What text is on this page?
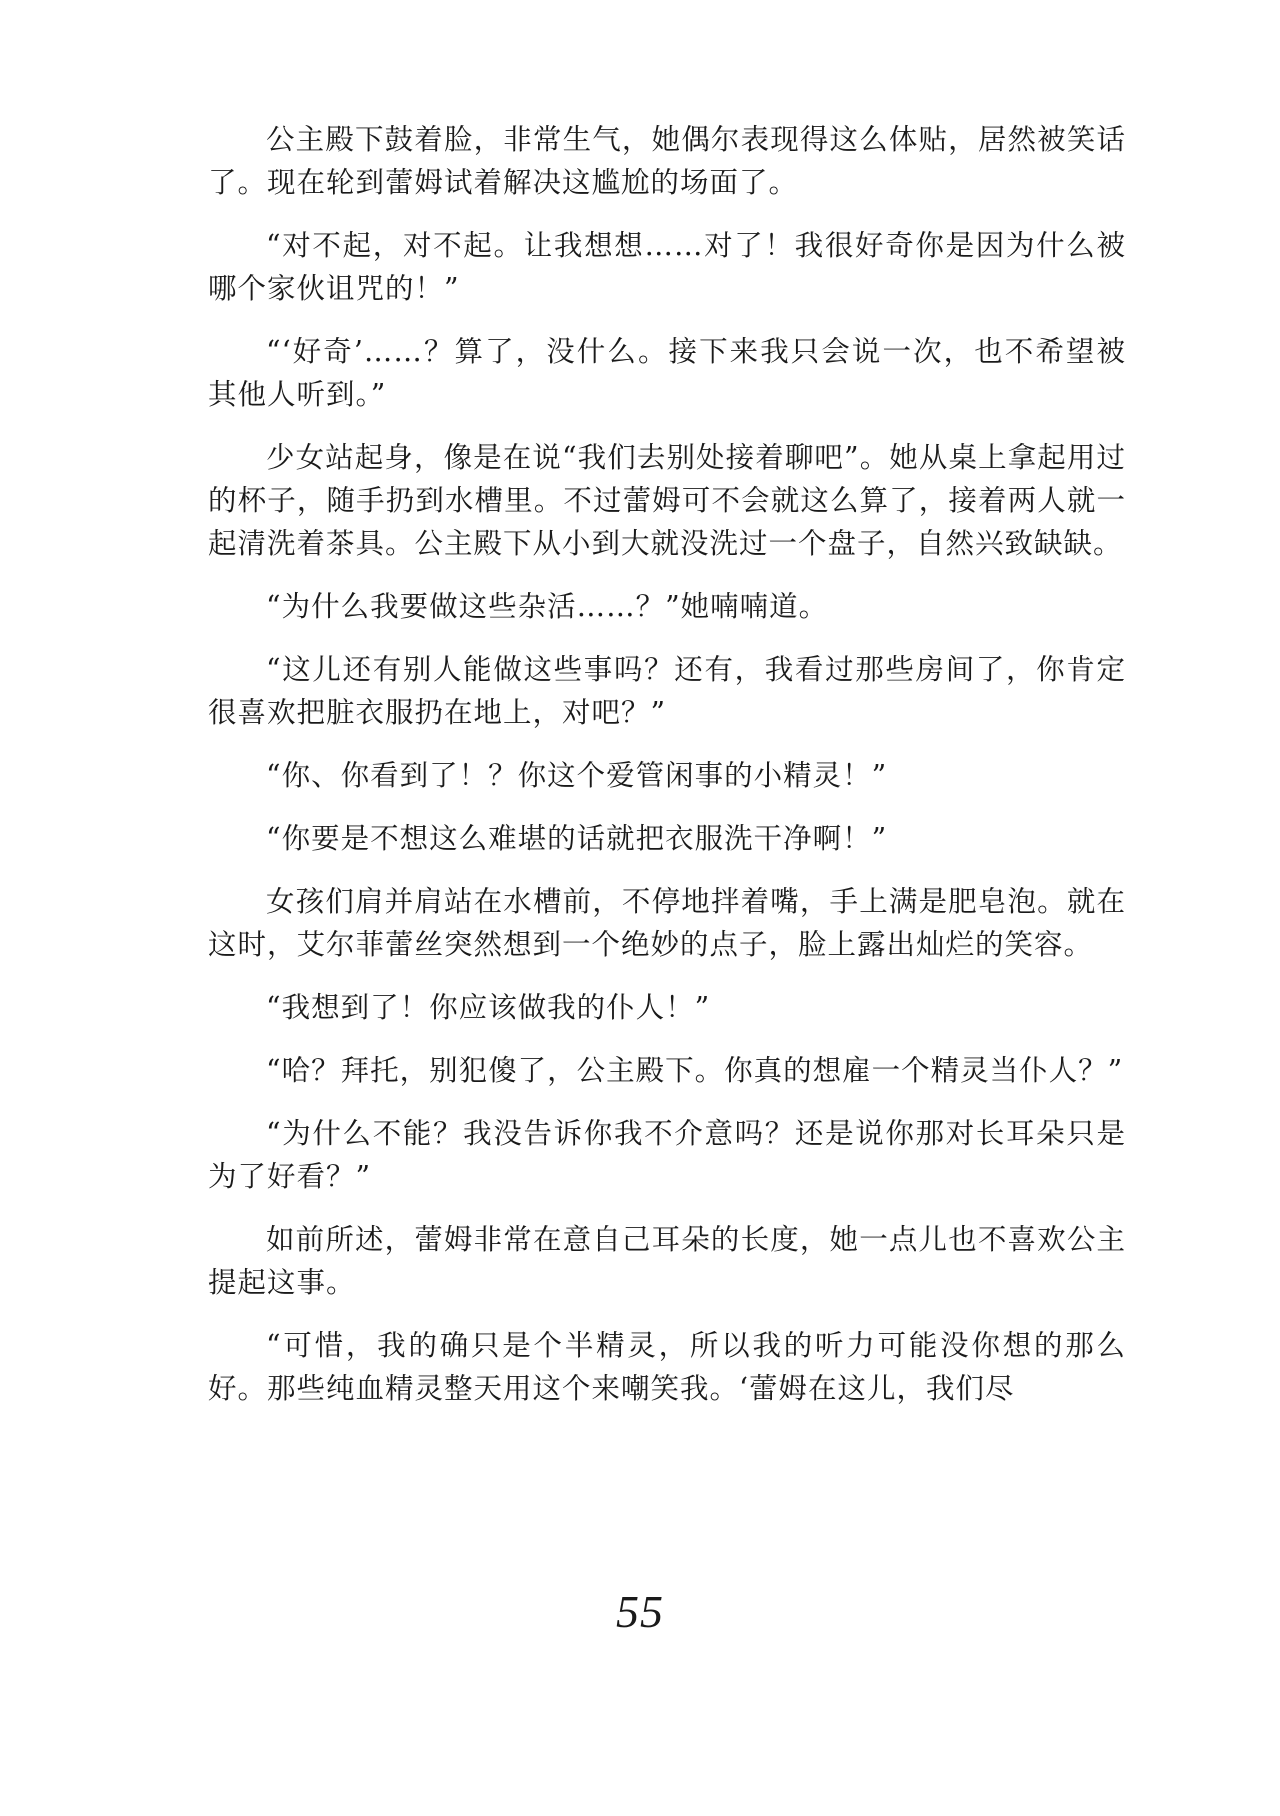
公主殿下鼓着脸，非常生气，她偶尔表现得这么体贴，居然被笑话了。现在轮到蕾姆试着解决这尴尬的场面了。

“对不起，对不起。让我想想……对了！我很好奇你是因为什么被哪个家伙诅咒的！”

“‘好奇’……？算了，没什么。接下来我只会说一次，也不希望被其他人听到。”

少女站起身，像是在说“我们去别处接着聊吧”。她从桌上拿起用过的杯子，随手扔到水槽里。不过蕾姆可不会就这么算了，接着两人就一起清洗着茶具。公主殿下从小到大就没洗过一个盘子，自然兴致缺缺。

“为什么我要做这些杂活……？”她喃喃道。

“这儿还有别人能做这些事吗？还有，我看过那些房间了，你肯定很喜欢把脏衣服扔在地上，对吧？”

“你、你看到了！？你这个爱管闲事的小精灵！”

“你要是不想这么难堪的话就把衣服洗干净啊！”

女孩们肩并肩站在水槽前，不停地拌着嘴，手上满是肥皂泡。就在这时，艾尔菲蕾丝突然想到一个绝妙的点子，脸上露出灿烂的笑容。

“我想到了！你应该做我的仆人！”

“哈？拜托，别犯傻了，公主殿下。你真的想雇一个精灵当仆人？”

“为什么不能？我没告诉你我不介意吗？还是说你那对长耳朵只是为了好看？”

如前所述，蕾姆非常在意自己耳朵的长度，她一点儿也不喜欢公主提起这事。

“可惜，我的确只是个半精灵，所以我的听力可能没你想的那么好。那些纯血精灵整天用这个来嘲笑我。‘蕾姆在这儿，我们尽

55
